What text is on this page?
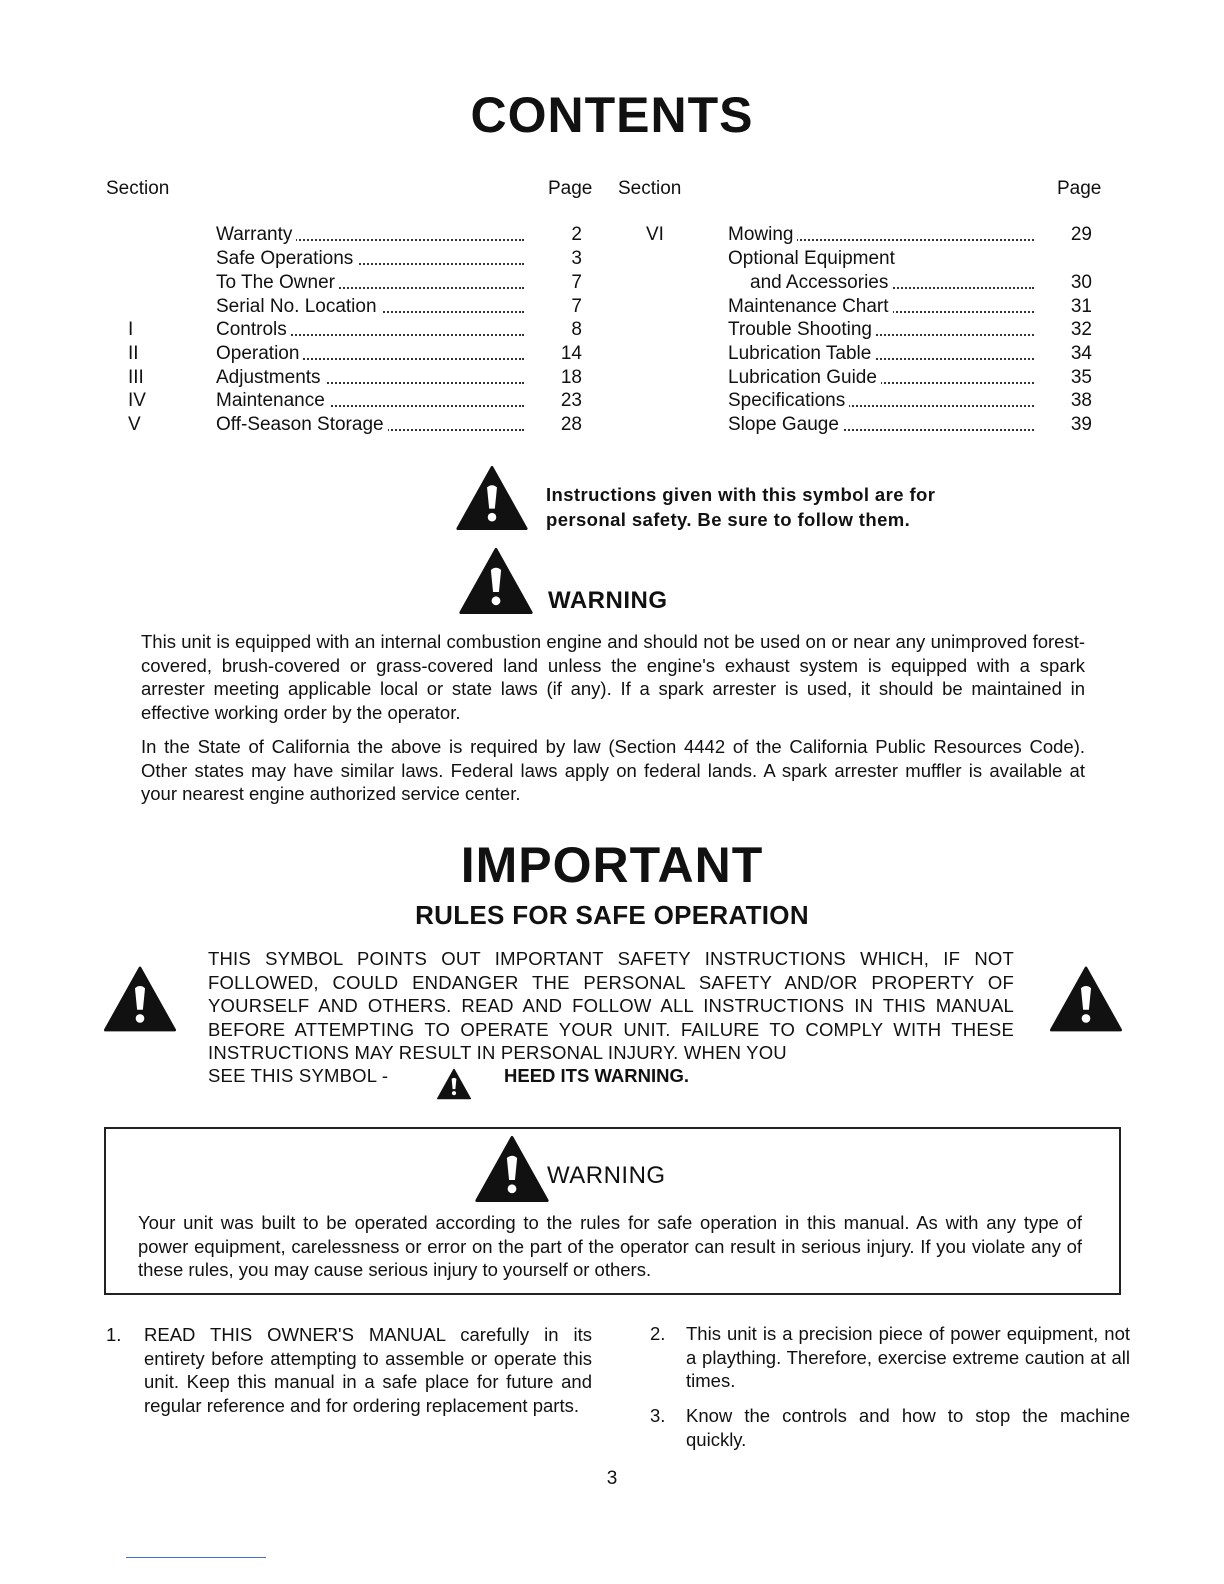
CONTENTS
Section	Page Section	Page
Warranty	2
Safe Operations	3
To The Owner	7
Serial No. Location	7
I	Controls	8
II	Operation	14
III	Adjustments	18
IV	Maintenance	23
V	Off-Season Storage	28
VI	Mowing	29
Optional Equipment
and Accessories	30
Maintenance Chart	31
Trouble Shooting	32
Lubrication Table	34
Lubrication Guide	35
Specifications	38
Slope Gauge	39
Instructions given with this symbol are for
personal safety. Be sure to follow them.
WARNING
This unit is equipped with an internal combustion engine and should not be used on or near any unimproved forest-covered, brush-covered or grass-covered land unless the engine's exhaust system is equipped with a spark arrester meeting applicable local or state laws (if any). If a spark arrester is used, it should be maintained in effective working order by the operator.
In the State of California the above is required by law (Section 4442 of the California Public Resources Code). Other states may have similar laws. Federal laws apply on federal lands. A spark arrester muffler is available at your nearest engine authorized service center.
IMPORTANT
RULES FOR SAFE OPERATION
THIS SYMBOL POINTS OUT IMPORTANT SAFETY INSTRUCTIONS WHICH, IF NOT FOLLOWED, COULD ENDANGER THE PERSONAL SAFETY AND/OR PROPERTY OF YOURSELF AND OTHERS. READ AND FOLLOW ALL INSTRUCTIONS IN THIS MANUAL BEFORE ATTEMPTING TO OPERATE YOUR UNIT. FAILURE TO COMPLY WITH THESE INSTRUCTIONS MAY RESULT IN PERSONAL INJURY. WHEN YOU
SEE THIS SYMBOL -	HEED ITS WARNING.
WARNING
Your unit was built to be operated according to the rules for safe operation in this manual. As with any type of power equipment, carelessness or error on the part of the operator can result in serious injury. If you violate any of these rules, you may cause serious injury to yourself or others.
1. READ THIS OWNER'S MANUAL carefully in its entirety before attempting to assemble or operate this unit. Keep this manual in a safe place for future and regular reference and for ordering replacement parts.
2. This unit is a precision piece of power equipment, not a plaything. Therefore, exercise extreme caution at all times.
3. Know the controls and how to stop the machine quickly.
3
